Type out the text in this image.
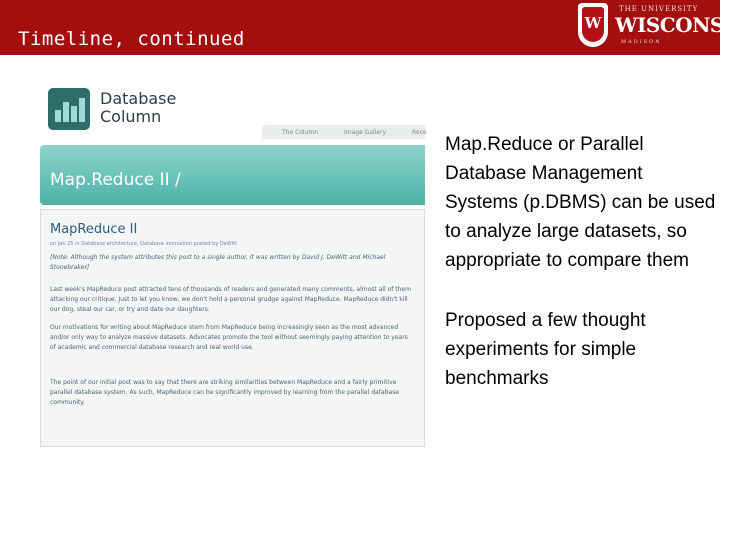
Timeline, continued
W
THE UNIVERSITY
WISCONSIN
MADISON
Database
Column
The Column	Image Gallery	Rece
Map.Reduce II /
MapReduce II
on Jan 25 in Database architecture, Database innovation posted by DeWitt

[Note: Although the system attributes this post to a single author, it was written by David J. DeWitt and Michael Stonebraker]

Last week's MapReduce post attracted tens of thousands of readers and generated many comments, almost all of them attacking our critique. Just to let you know, we don't hold a personal grudge against MapReduce. MapReduce didn't kill our dog, steal our car, or try and date our daughters.

Our motivations for writing about MapReduce stem from MapReduce being increasingly seen as the most advanced and/or only way to analyze massive datasets. Advocates promote the tool without seemingly paying attention to years of academic and commercial database research and real world use.

The point of our initial post was to say that there are striking similarities between MapReduce and a fairly primitive parallel database system. As such, MapReduce can be significantly improved by learning from the parallel database community.

Map.Reduce or Parallel Database Management Systems (p.DBMS) can be used to analyze large datasets, so appropriate to compare them

Proposed a few thought experiments for simple benchmarks
